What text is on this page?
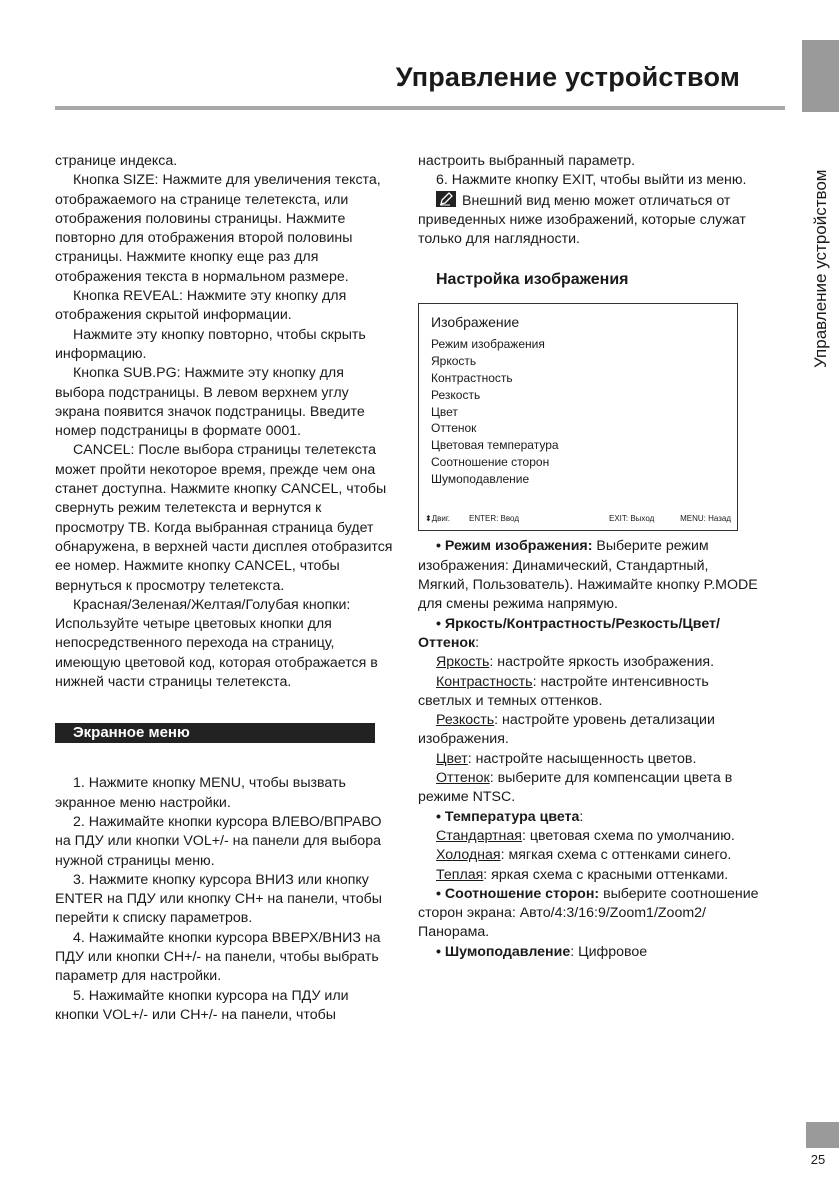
Управление устройством
Управление устройством
25

странице индекса.

Кнопка SIZE: Нажмите для увеличения текста, отображаемого на странице телетекста, или отображения половины страницы. Нажмите повторно для отображения второй половины страницы. Нажмите кнопку еще раз для отображения текста в нормальном размере.

Кнопка REVEAL: Нажмите эту кнопку для отображения скрытой информации.

Нажмите эту кнопку повторно, чтобы скрыть информацию.

Кнопка SUB.PG: Нажмите эту кнопку для выбора подстраницы. В левом верхнем углу экрана появится значок подстраницы. Введите номер подстраницы в формате 0001.

CANCEL: После выбора страницы телетекста может пройти некоторое время, прежде чем она станет доступна. Нажмите кнопку CANCEL, чтобы свернуть режим телетекста и вернутся к просмотру ТВ. Когда выбранная страница будет обнаружена, в верхней части дисплея отобразится ее номер. Нажмите кнопку CANCEL, чтобы вернуться к просмотру телетекста.

Красная/Зеленая/Желтая/Голубая кнопки: Используйте четыре цветовых кнопки для непосредственного перехода на страницу, имеющую цветовой код, которая отображается в нижней части страницы телетекста.

Экранное меню

1. Нажмите кнопку MENU, чтобы вызвать экранное меню настройки.

2. Нажимайте кнопки курсора ВЛЕВО/ВПРАВО на ПДУ или кнопки VOL+/- на панели для выбора нужной страницы меню.

3. Нажмите кнопку курсора ВНИЗ или кнопку ENTER на ПДУ или кнопку CH+ на панели, чтобы перейти к списку параметров.

4. Нажимайте кнопки курсора ВВЕРХ/ВНИЗ на ПДУ или кнопки CH+/- на панели, чтобы выбрать параметр для настройки.

5. Нажимайте кнопки курсора на ПДУ или кнопки VOL+/- или CH+/- на панели, чтобы

настроить выбранный параметр.

6. Нажмите кнопку EXIT, чтобы выйти из меню.

Внешний вид меню может отличаться от приведенных ниже изображений, которые служат только для наглядности.

Настройка изображения

Изображение
Режим изображения
Яркость
Контрастность
Резкость
Цвет
Оттенок
Цветовая температура
Соотношение сторон
Шумоподавление
⬍Двиг. ENTER: Ввод	EXIT: Выход	MENU: Назад

• Режим изображения: Выберите режим изображения: Динамический, Стандартный, Мягкий, Пользователь). Нажимайте кнопку P.MODE для смены режима напрямую.

• Яркость/Контрастность/Резкость/Цвет/Оттенок:

Яркость: настройте яркость изображения.

Контрастность: настройте интенсивность светлых и темных оттенков.

Резкость: настройте уровень детализации изображения.

Цвет: настройте насыщенность цветов.

Оттенок: выберите для компенсации цвета в режиме NTSC.

• Температура цвета:

Стандартная: цветовая схема по умолчанию.

Холодная: мягкая схема с оттенками синего.

Теплая: яркая схема с красными оттенками.

• Соотношение сторон: выберите соотношение сторон экрана: Авто/4:3/16:9/Zoom1/Zoom2/Панорама.

• Шумоподавление: Цифровое
